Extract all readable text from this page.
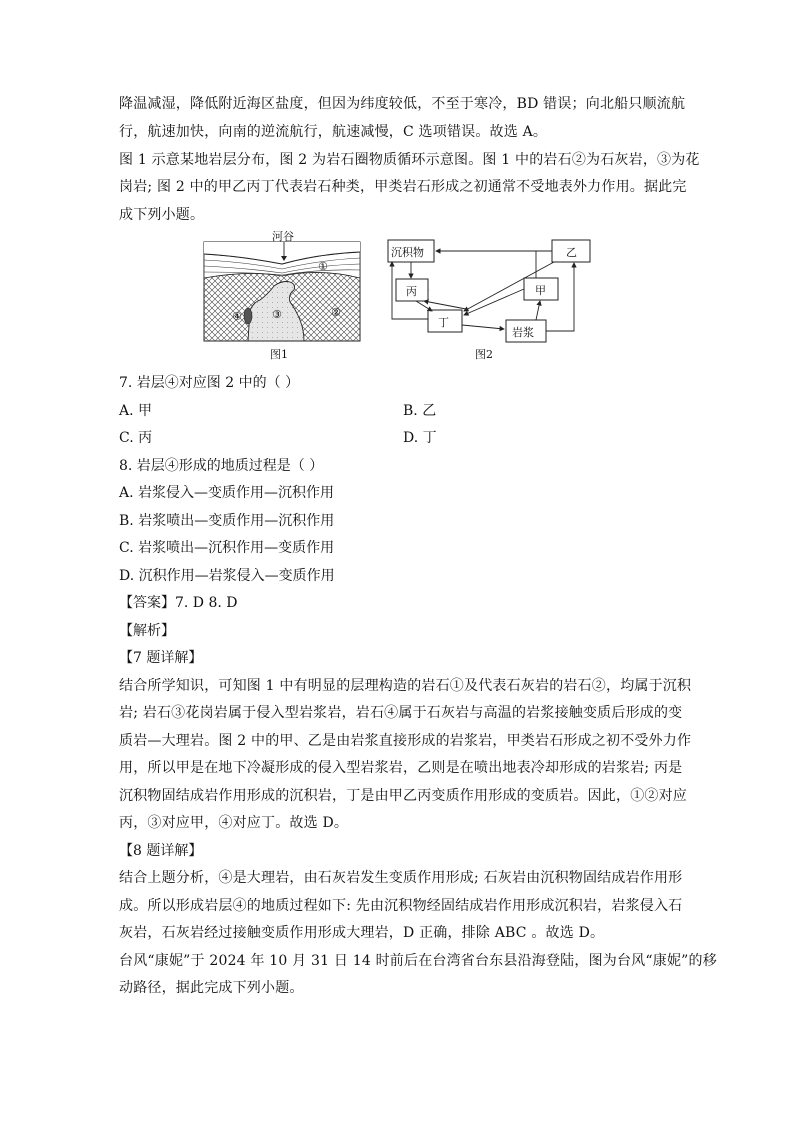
降温减湿，降低附近海区盐度，但因为纬度较低，不至于寒冷，BD 错误；向北船只顺流航
行，航速加快，向南的逆流航行，航速减慢，C 选项错误。故选 A。
图 1 示意某地岩层分布，图 2 为岩石圈物质循环示意图。图 1 中的岩石②为石灰岩，③为花
岗岩; 图 2 中的甲乙丙丁代表岩石种类，甲类岩石形成之初通常不受地表外力作用。据此完
成下列小题。
河谷
①
②
③
④
图1
沉积物	乙
丙	甲
丁
岩浆
图2
7. 岩层④对应图 2 中的（ ）
A. 甲	B. 乙
C. 丙	D. 丁
8. 岩层④形成的地质过程是（ ）
A. 岩浆侵入—变质作用—沉积作用
B. 岩浆喷出—变质作用—沉积作用
C. 岩浆喷出—沉积作用—变质作用
D. 沉积作用—岩浆侵入—变质作用
【答案】7. D 8. D
【解析】
【7 题详解】
结合所学知识，可知图 1 中有明显的层理构造的岩石①及代表石灰岩的岩石②，均属于沉积
岩; 岩石③花岗岩属于侵入型岩浆岩，岩石④属于石灰岩与高温的岩浆接触变质后形成的变
质岩—大理岩。图 2 中的甲、乙是由岩浆直接形成的岩浆岩，甲类岩石形成之初不受外力作
用，所以甲是在地下冷凝形成的侵入型岩浆岩，乙则是在喷出地表冷却形成的岩浆岩; 丙是
沉积物固结成岩作用形成的沉积岩，丁是由甲乙丙变质作用形成的变质岩。因此，①②对应
丙，③对应甲，④对应丁。故选 D。
【8 题详解】
结合上题分析，④是大理岩，由石灰岩发生变质作用形成; 石灰岩由沉积物固结成岩作用形
成。所以形成岩层④的地质过程如下: 先由沉积物经固结成岩作用形成沉积岩，岩浆侵入石
灰岩，石灰岩经过接触变质作用形成大理岩，D 正确，排除 ABC 。故选 D。
台风“康妮”于 2024 年 10 月 31 日 14 时前后在台湾省台东县沿海登陆，图为台风“康妮”的移
动路径，据此完成下列小题。
